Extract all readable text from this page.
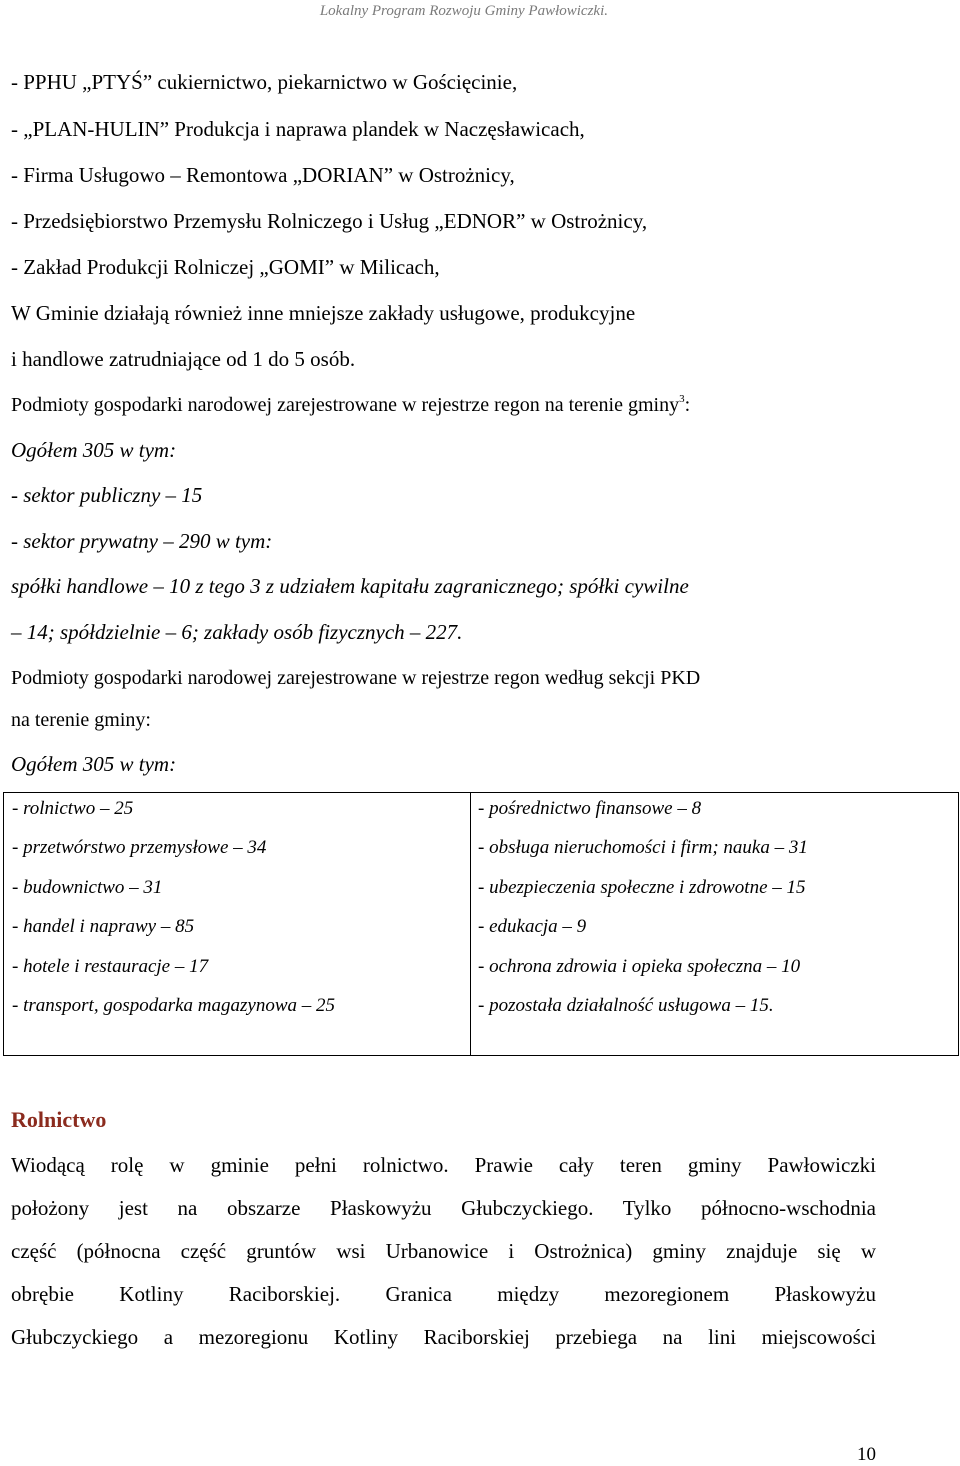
Lokalny Program Rozwoju Gminy Pawłowiczki.
- PPHU „PTYŚ” cukiernictwo, piekarnictwo w Gościęcinie,
- „PLAN-HULIN” Produkcja i naprawa plandek w Naczęsławicach,
- Firma Usługowo – Remontowa „DORIAN” w Ostrożnicy,
- Przedsiębiorstwo Przemysłu Rolniczego i Usług „EDNOR” w Ostrożnicy,
- Zakład Produkcji Rolniczej „GOMI” w Milicach,
W Gminie działają również inne mniejsze zakłady usługowe, produkcyjne
i handlowe zatrudniające od 1 do 5 osób.
Podmioty gospodarki narodowej zarejestrowane w rejestrze regon na terenie gminy$^3$:
Ogółem 305 w tym:
- sektor publiczny – 15
- sektor prywatny – 290 w tym:
spółki handlowe – 10 z tego 3 z udziałem kapitału zagranicznego; spółki cywilne
– 14; spółdzielnie – 6; zakłady osób fizycznych – 227.
Podmioty gospodarki narodowej zarejestrowane w rejestrze regon według sekcji PKD
na terenie gminy:
Ogółem 305 w tym:
- rolnictwo – 25
- przetwórstwo przemysłowe – 34
- budownictwo – 31
- handel i naprawy – 85
- hotele i restauracje – 17
- transport, gospodarka magazynowa – 25
- pośrednictwo finansowe – 8
- obsługa nieruchomości i firm; nauka – 31
- ubezpieczenia społeczne i zdrowotne – 15
- edukacja – 9
- ochrona zdrowia i opieka społeczna – 10
- pozostała działalność usługowa – 15.
Rolnictwo
Wiodącą rolę w gminie pełni rolnictwo. Prawie cały teren gminy Pawłowiczki
położony jest na obszarze Płaskowyżu Głubczyckiego. Tylko północno-wschodnia
część (północna część gruntów wsi Urbanowice i Ostrożnica) gminy znajduje się w
obrębie Kotliny Raciborskiej. Granica między mezoregionem Płaskowyżu
Głubczyckiego a mezoregionu Kotliny Raciborskiej przebiega na lini miejscowości
10
